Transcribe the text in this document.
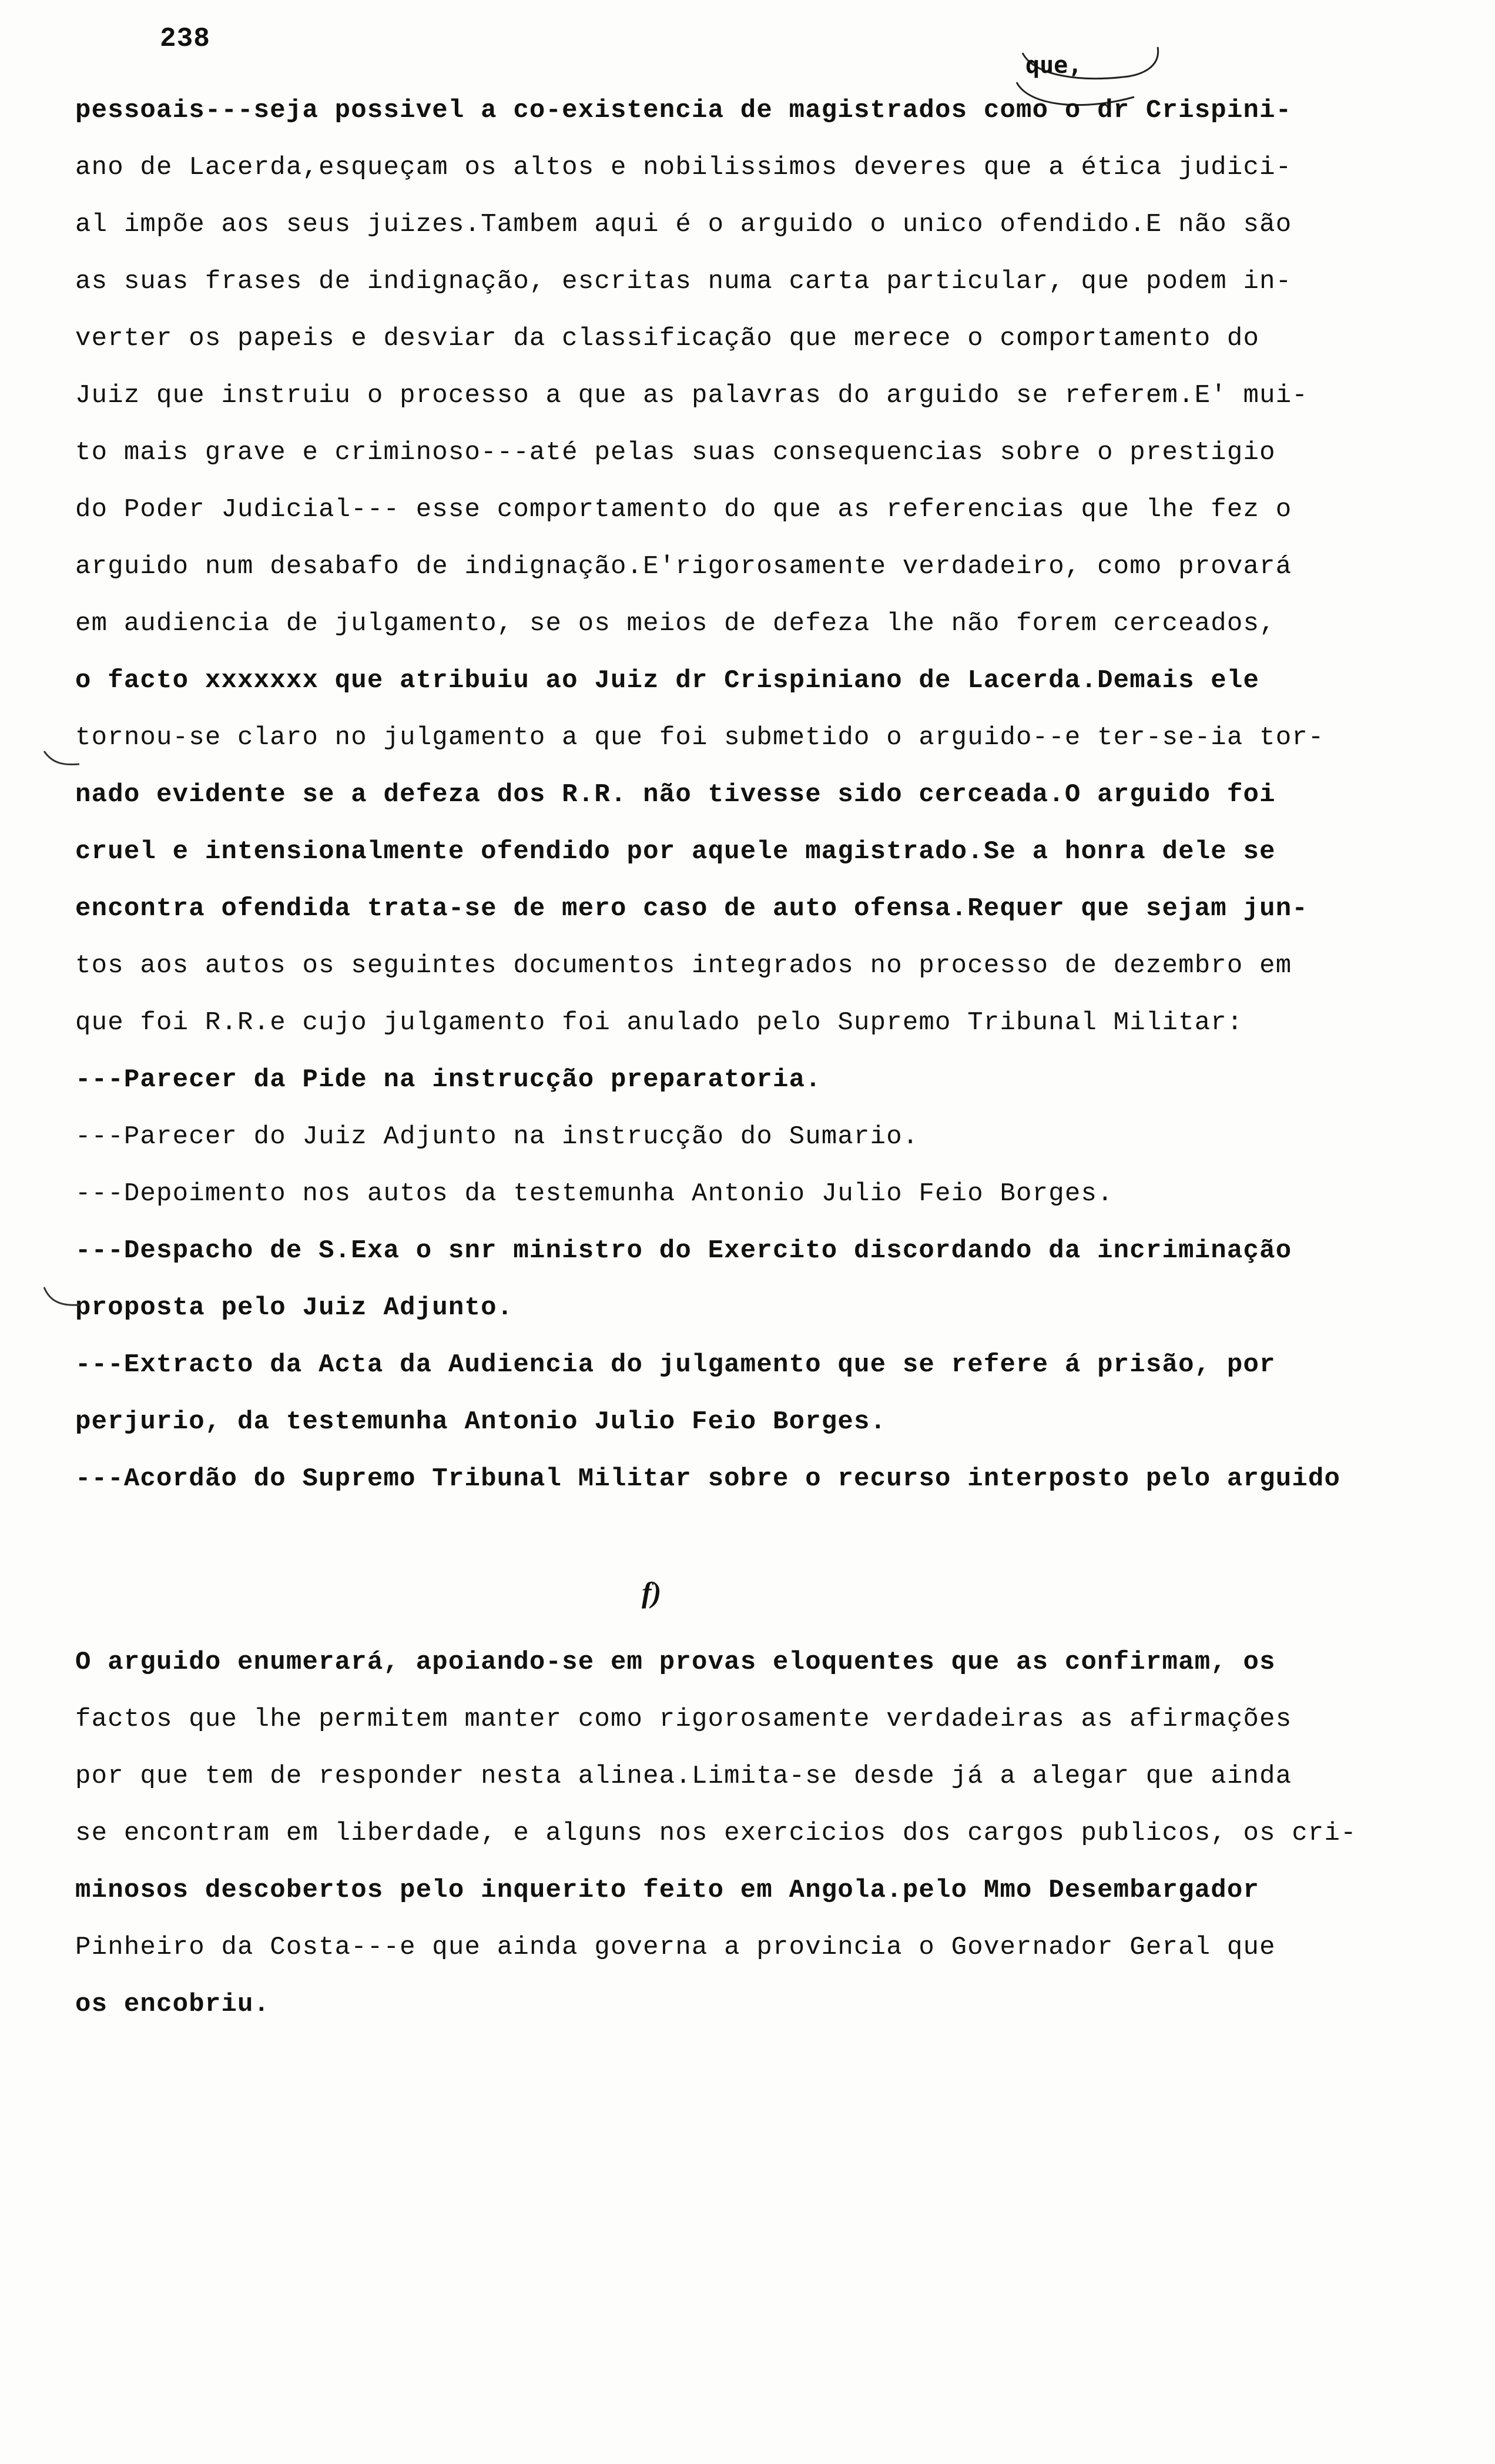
238
que,
pessoais---seja possivel a co-existencia de magistrados como o dr Crispini-
ano de Lacerda,esqueçam os altos e nobilissimos deveres que a ética judici-
al impõe aos seus juizes.Tambem aqui é o arguido o unico ofendido.E não são
as suas frases de indignação, escritas numa carta particular, que podem in-
verter os papeis e desviar da classificação que merece o comportamento do
Juiz que instruiu o processo a que as palavras do arguido se referem.E' mui-
to mais grave e criminoso---até pelas suas consequencias sobre o prestigio
do Poder Judicial--- esse comportamento do que as referencias que lhe fez o
arguido num desabafo de indignação.E'rigorosamente verdadeiro, como provará
em audiencia de julgamento, se os meios de defeza lhe não forem cerceados,
o facto xxxxxxx que atribuiu ao Juiz dr Crispiniano de Lacerda.Demais ele
tornou-se claro no julgamento a que foi submetido o arguido--e ter-se-ia tor-
nado evidente se a defeza dos R.R. não tivesse sido cerceada.O arguido foi
cruel e intensionalmente ofendido por aquele magistrado.Se a honra dele se
encontra ofendida trata-se de mero caso de auto ofensa.Requer que sejam jun-
tos aos autos os seguintes documentos integrados no processo de dezembro em
que foi R.R.e cujo julgamento foi anulado pelo Supremo Tribunal Militar:
---Parecer da Pide na instrucção preparatoria.
---Parecer do Juiz Adjunto na instrucção do Sumario.
---Depoimento nos autos da testemunha Antonio Julio Feio Borges.
---Despacho de S.Exa o snr ministro do Exercito discordando da incriminação
proposta pelo Juiz Adjunto.
---Extracto da Acta da Audiencia do julgamento que se refere á prisão, por
perjurio, da testemunha Antonio Julio Feio Borges.
---Acordão do Supremo Tribunal Militar sobre o recurso interposto pelo arguido
f)
O arguido enumerará, apoiando-se em provas eloquentes que as confirmam, os
factos que lhe permitem manter como rigorosamente verdadeiras as afirmações
por que tem de responder nesta alinea.Limita-se desde já a alegar que ainda
se encontram em liberdade, e alguns nos exercicios dos cargos publicos, os cri-
minosos descobertos pelo inquerito feito em Angola.pelo Mmo Desembargador
Pinheiro da Costa---e que ainda governa a provincia o Governador Geral que
os encobriu.
